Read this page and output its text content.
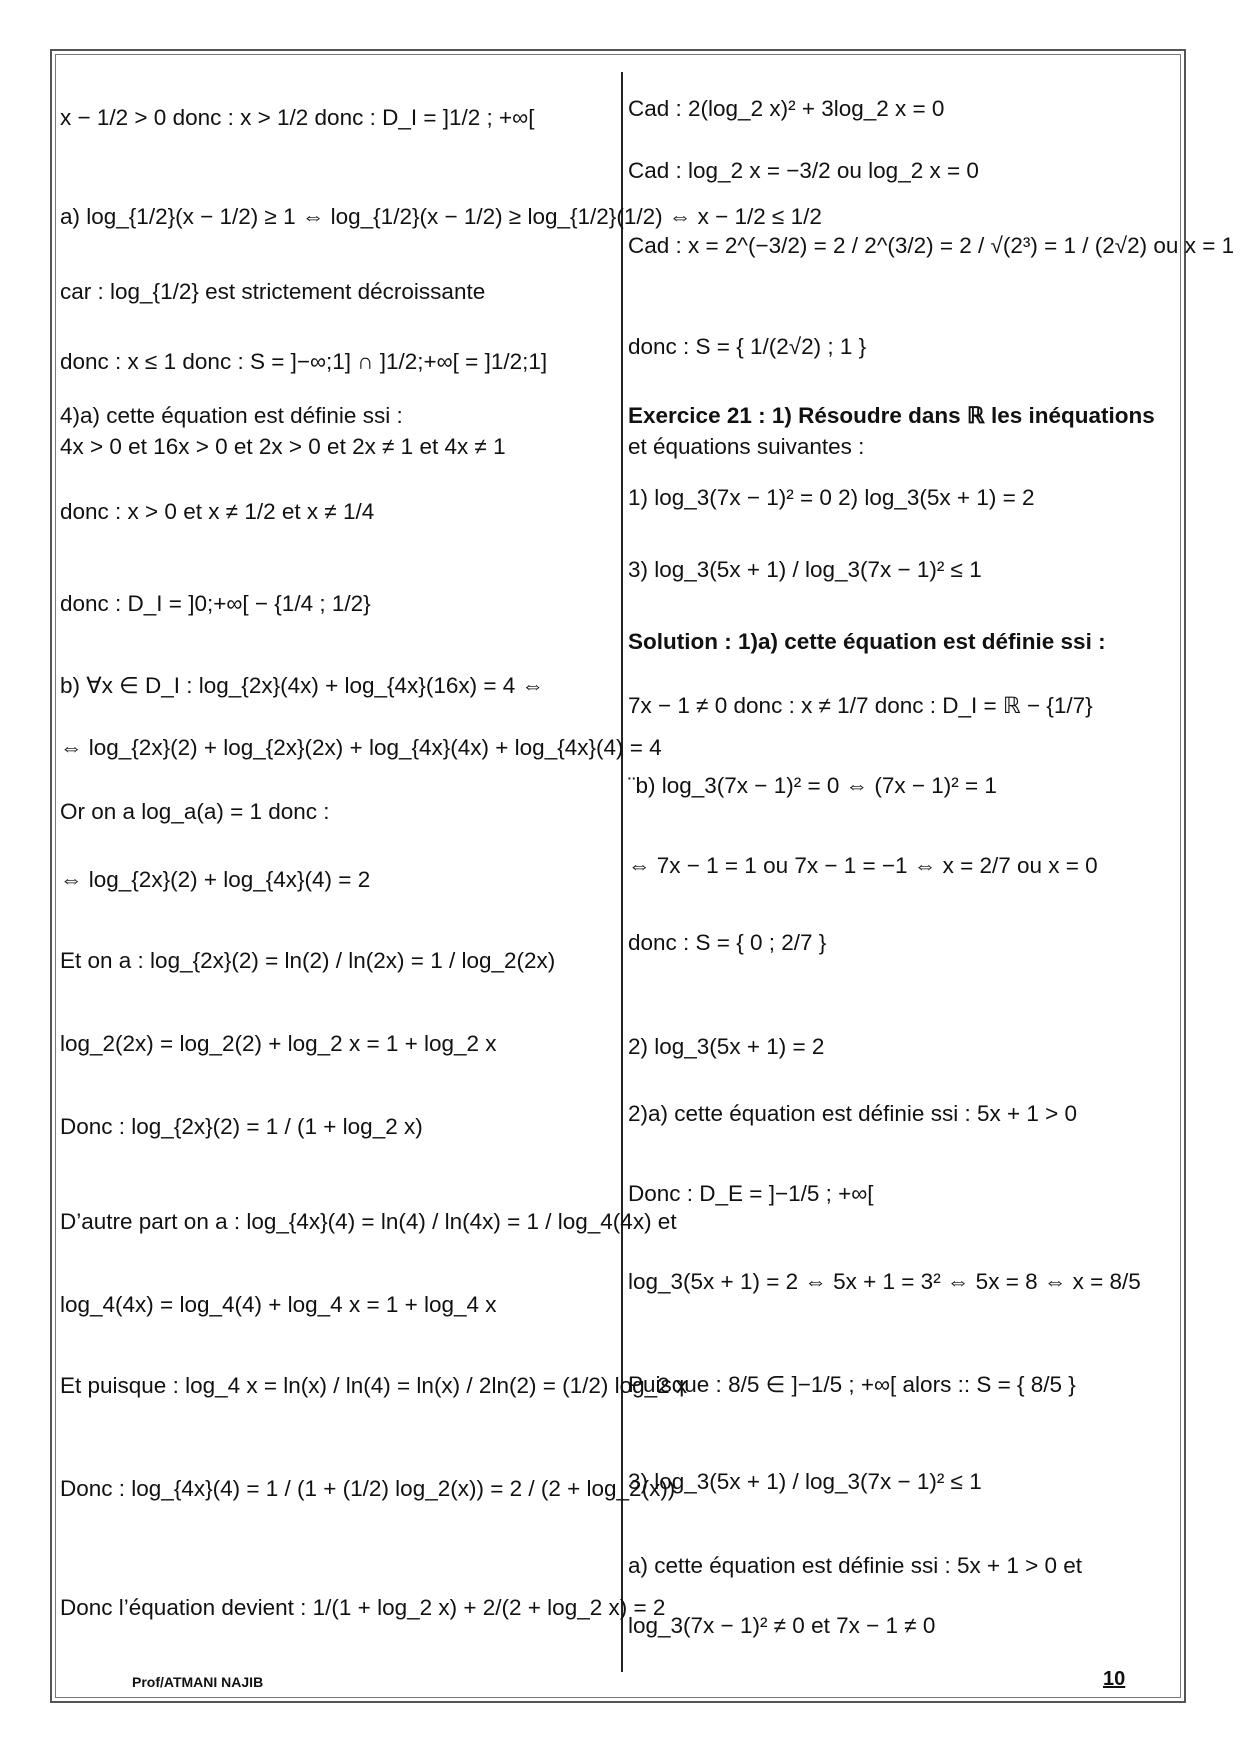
x − 1/2 > 0 donc : x > 1/2 donc : D_I = ]1/2 ; +∞[
a) log_{1/2}(x − 1/2) ≥ 1 ⇔ log_{1/2}(x − 1/2) ≥ log_{1/2}(1/2) ⇔ x − 1/2 ≤ 1/2
car : log_{1/2} est strictement décroissante
donc : x ≤ 1 donc : S = ]−∞;1] ∩ ]1/2;+∞[ = ]1/2;1]
4)a) cette équation est définie ssi :
4x > 0 et 16x > 0 et 2x > 0 et 2x ≠ 1 et 4x ≠ 1
donc : x > 0 et x ≠ 1/2 et x ≠ 1/4
donc : D_I = ]0;+∞[ − {1/4 ; 1/2}
b) ∀x ∈ D_I : log_{2x}(4x) + log_{4x}(16x) = 4 ⇔
⇔ log_{2x}(2) + log_{2x}(2x) + log_{4x}(4x) + log_{4x}(4) = 4
Or on a log_a(a) = 1 donc :
⇔ log_{2x}(2) + log_{4x}(4) = 2
Et on a : log_{2x}(2) = ln(2) / ln(2x) = 1 / log_2(2x)
log_2(2x) = log_2(2) + log_2 x = 1 + log_2 x
Donc : log_{2x}(2) = 1 / (1 + log_2 x)
D’autre part on a : log_{4x}(4) = ln(4) / ln(4x) = 1 / log_4(4x) et
log_4(4x) = log_4(4) + log_4 x = 1 + log_4 x
Et puisque : log_4 x = ln(x) / ln(4) = ln(x) / 2ln(2) = (1/2) log_2 x
Donc : log_{4x}(4) = 1 / (1 + (1/2) log_2(x)) = 2 / (2 + log_2(x))
Donc l’équation devient : 1/(1 + log_2 x) + 2/(2 + log_2 x) = 2
Cad : 2(log_2 x)² + 3log_2 x = 0
Cad : log_2 x = −3/2 ou log_2 x = 0
Cad : x = 2^(−3/2) = 2 / 2^(3/2) = 2 / √(2³) = 1 / (2√2) ou x = 1
donc : S = { 1/(2√2) ; 1 }
Exercice 21 : 1) Résoudre dans ℝ les inéquations
et équations suivantes :
1) log_3(7x − 1)² = 0 2) log_3(5x + 1) = 2
3) log_3(5x + 1) / log_3(7x − 1)² ≤ 1
Solution : 1)a) cette équation est définie ssi :
7x − 1 ≠ 0 donc : x ≠ 1/7 donc : D_I = ℝ − {1/7}
¨b) log_3(7x − 1)² = 0 ⇔ (7x − 1)² = 1
⇔ 7x − 1 = 1 ou 7x − 1 = −1 ⇔ x = 2/7 ou x = 0
donc : S = { 0 ; 2/7 }
2) log_3(5x + 1) = 2
2)a) cette équation est définie ssi : 5x + 1 > 0
Donc : D_E = ]−1/5 ; +∞[
log_3(5x + 1) = 2 ⇔ 5x + 1 = 3² ⇔ 5x = 8 ⇔ x = 8/5
Puisque : 8/5 ∈ ]−1/5 ; +∞[ alors :: S = { 8/5 }
3) log_3(5x + 1) / log_3(7x − 1)² ≤ 1
a) cette équation est définie ssi : 5x + 1 > 0 et
log_3(7x − 1)² ≠ 0 et 7x − 1 ≠ 0
Prof/ATMANI NAJIB	10
